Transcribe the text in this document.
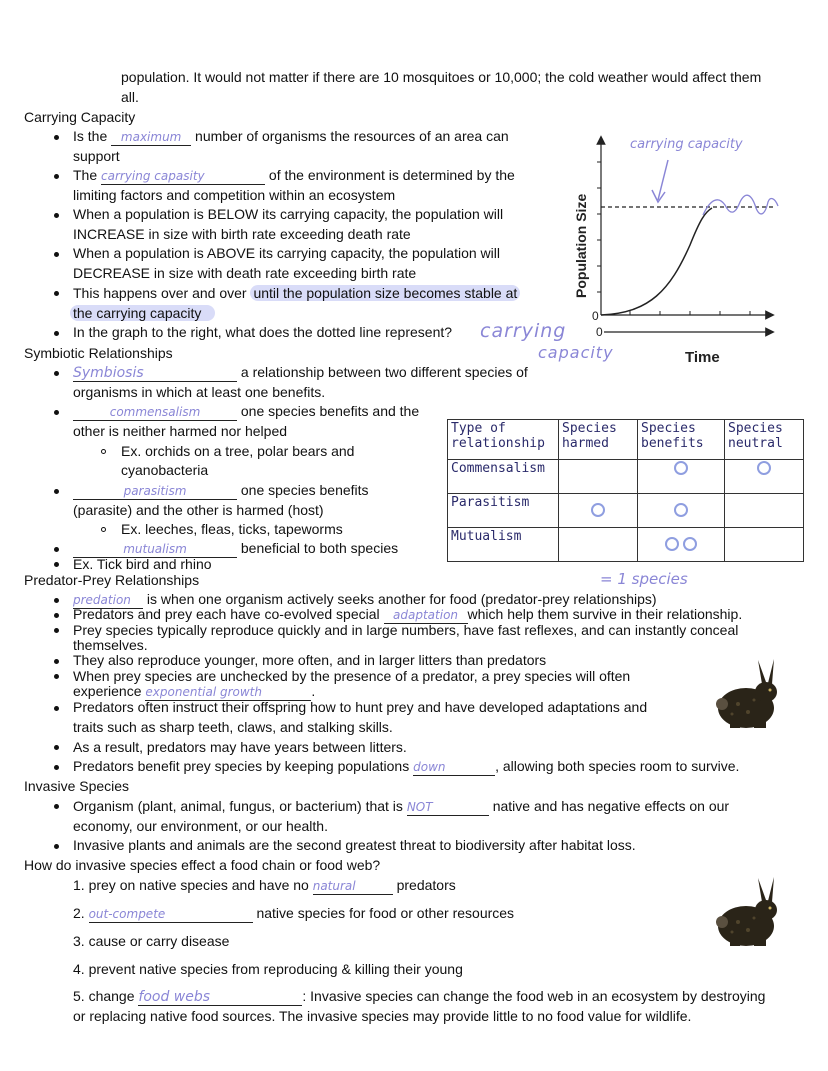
population. It would not matter if there are 10 mosquitoes or 10,000; the cold weather would affect them
all.
Carrying Capacity
Is the maximum number of organisms the resources of an area can
support
The carrying capasity	of the environment is determined by the
limiting factors and competition within an ecosystem
When a population is BELOW its carrying capacity, the population will
INCREASE in size with birth rate exceeding death rate
When a population is ABOVE its carrying capacity, the population will
DECREASE in size with death rate exceeding birth rate
This happens over and over until the population size becomes stable at
the carrying capacity
In the graph to the right, what does the dotted line represent? carrying
capacity
carrying capacity
Population Size
0
0
Time
Symbiotic Relationships
Symbiosis	a relationship between two different species of
organisms in which at least one benefits.
commensalism	one species benefits and the
other is neither harmed nor helped
Ex. orchids on a tree, polar bears and
cyanobacteria
parasitism	one species benefits
(parasite) and the other is harmed (host)
Ex. leeches, fleas, ticks, tapeworms
mutualism	beneficial to both species
Ex. Tick bird and rhino
Type of relationship	Species harmed	Species benefits	Species neutral
Commensalism			
Parasitism			
Mutualism			
= 1 species
Predator-Prey Relationships
predation is when one organism actively seeks another for food (predator-prey relationships)
Predators and prey each have co-evolved special adaptation which help them survive in their relationship.
Prey species typically reproduce quickly and in large numbers, have fast reflexes, and can instantly conceal
themselves.
They also reproduce younger, more often, and in larger litters than predators
When prey species are unchecked by the presence of a predator, a prey species will often
experience exponential growth	.
Predators often instruct their offspring how to hunt prey and have developed adaptations and
traits such as sharp teeth, claws, and stalking skills.
As a result, predators may have years between litters.
Predators benefit prey species by keeping populations down	, allowing both species room to survive.
Invasive Species
Organism (plant, animal, fungus, or bacterium) that is NOT	native and has negative effects on our
economy, our environment, or our health.
Invasive plants and animals are the second greatest threat to biodiversity after habitat loss.
How do invasive species effect a food chain or food web?
1. prey on native species and have no natural	predators
2. out-compete	native species for food or other resources
3. cause or carry disease
4. prevent native species from reproducing & killing their young
5. change food webs	: Invasive species can change the food web in an ecosystem by destroying
or replacing native food sources. The invasive species may provide little to no food value for wildlife.
